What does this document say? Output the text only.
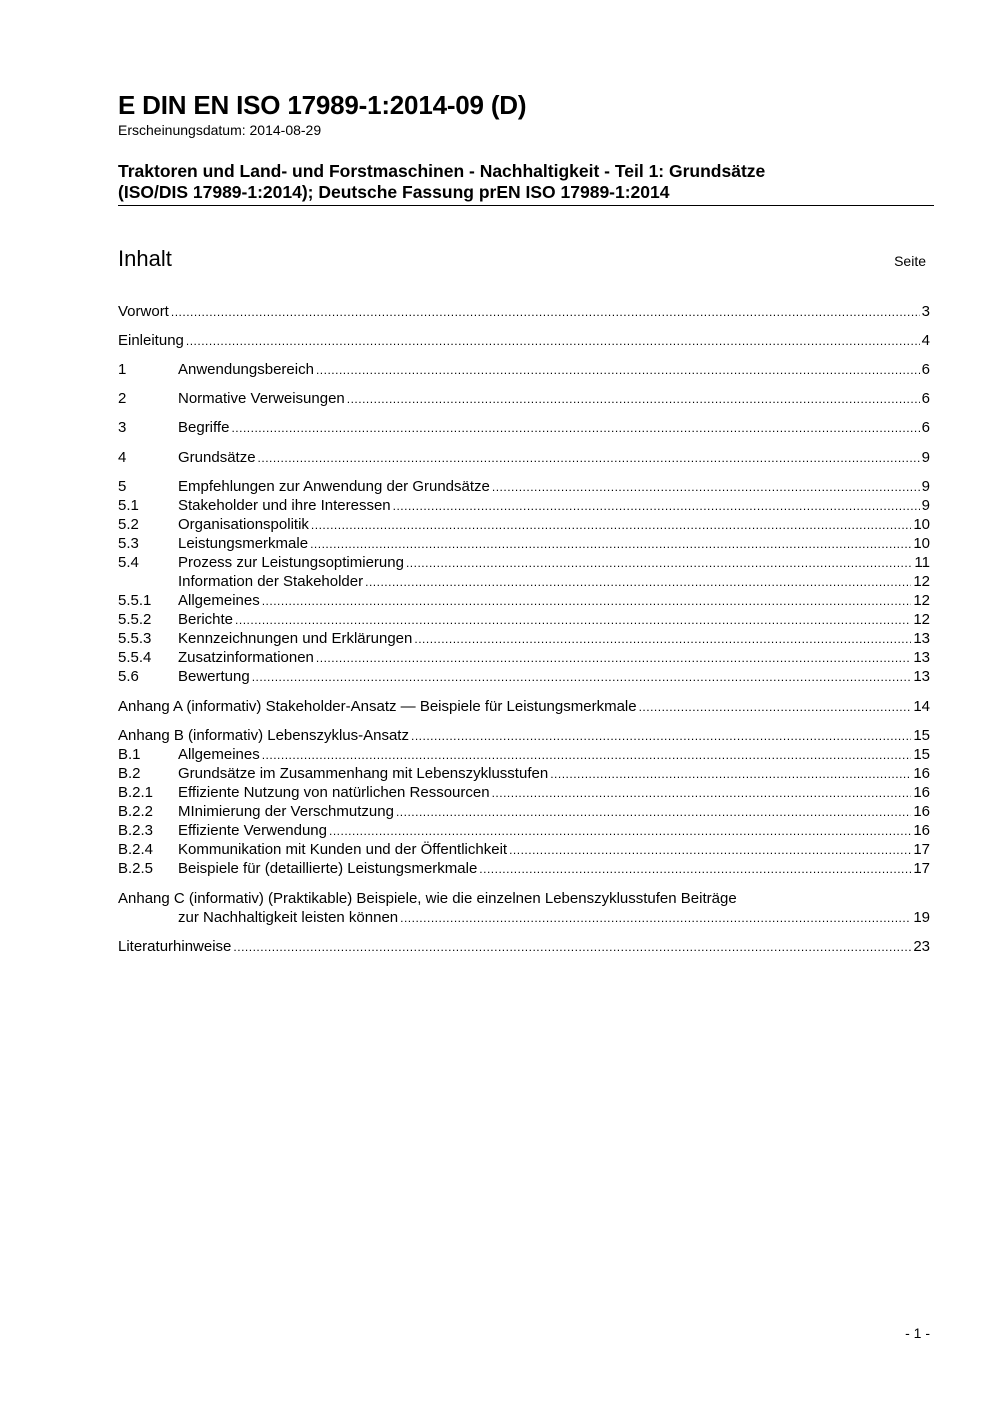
E DIN EN ISO 17989-1:2014-09 (D)
Erscheinungsdatum: 2014-08-29
Traktoren und Land- und Forstmaschinen - Nachhaltigkeit - Teil 1: Grundsätze
(ISO/DIS 17989-1:2014); Deutsche Fassung prEN ISO 17989-1:2014
Inhalt	Seite
Vorwort .....	3
Einleitung .....	4
1	Anwendungsbereich .....	6
2	Normative Verweisungen .....	6
3	Begriffe .....	6
4	Grundsätze .....	9
5	Empfehlungen zur Anwendung der Grundsätze .....	9
5.1	Stakeholder und ihre Interessen .....	9
5.2	Organisationspolitik .....	10
5.3	Leistungsmerkmale .....	10
5.4	Prozess zur Leistungsoptimierung .....	11
Information der Stakeholder .....	12
5.5.1	Allgemeines .....	12
5.5.2	Berichte .....	12
5.5.3	Kennzeichnungen und Erklärungen .....	13
5.5.4	Zusatzinformationen .....	13
5.6	Bewertung .....	13
Anhang A (informativ) Stakeholder-Ansatz — Beispiele für Leistungsmerkmale .....	14
Anhang B (informativ) Lebenszyklus-Ansatz .....	15
B.1	Allgemeines .....	15
B.2	Grundsätze im Zusammenhang mit Lebenszyklusstufen .....	16
B.2.1	Effiziente Nutzung von natürlichen Ressourcen .....	16
B.2.2	MInimierung der Verschmutzung .....	16
B.2.3	Effiziente Verwendung .....	16
B.2.4	Kommunikation mit Kunden und der Öffentlichkeit .....	17
B.2.5	Beispiele für (detaillierte) Leistungsmerkmale .....	17
Anhang C (informativ) (Praktikable) Beispiele, wie die einzelnen Lebenszyklusstufen Beiträge
zur Nachhaltigkeit leisten können .....	19
Literaturhinweise .....	23
- 1 -
